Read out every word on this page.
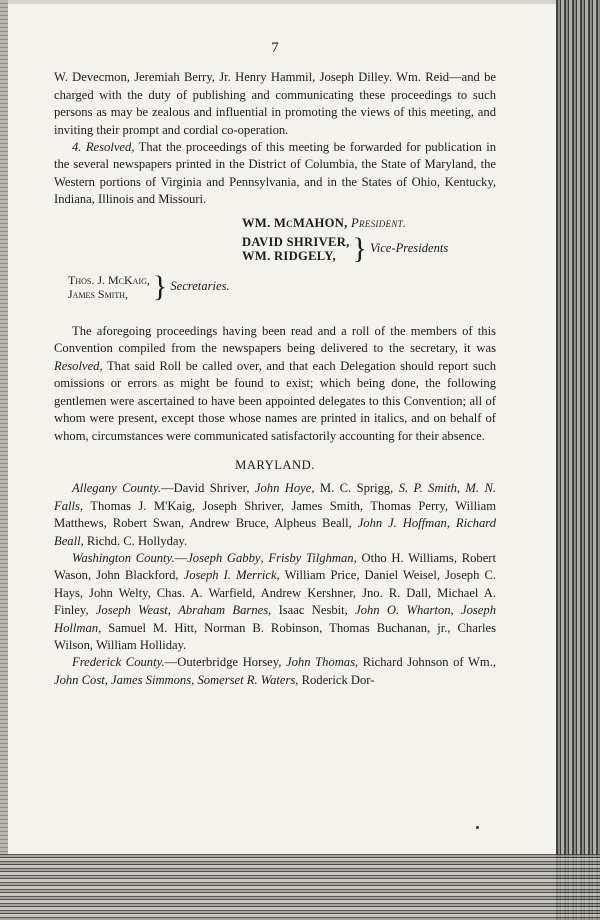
7

W. Devecmon, Jeremiah Berry, Jr. Henry Hammil, Joseph Dilley. Wm. Reid—and be charged with the duty of publishing and communicating these proceedings to such persons as may be zealous and influential in promoting the views of this meeting, and inviting their prompt and cordial co-operation.

4. Resolved, That the proceedings of this meeting be forwarded for publication in the several newspapers printed in the District of Columbia, the State of Maryland, the Western portions of Virginia and Pennsylvania, and in the States of Ohio, Kentucky, Indiana, Illinois and Missouri.

WM. McMAHON, President.
DAVID SHRIVER,
WM. RIDGELY, } Vice-Presidents
Thos. J. McKaig,
James Smith, } Secretaries.

The aforegoing proceedings having been read and a roll of the members of this Convention compiled from the newspapers being delivered to the secretary, it was Resolved, That said Roll be called over, and that each Delegation should report such omissions or errors as might be found to exist; which being done, the following gentlemen were ascertained to have been appointed delegates to this Convention; all of whom were present, except those whose names are printed in italics, and on behalf of whom, circumstances were communicated satisfactorily accounting for their absence.

MARYLAND.

Allegany County.—David Shriver, John Hoye, M. C. Sprigg, S. P. Smith, M. N. Falls, Thomas J. M'Kaig, Joseph Shriver, James Smith, Thomas Perry, William Matthews, Robert Swan, Andrew Bruce, Alpheus Beall, John J. Hoffman, Richard Beall, Richd. C. Hollyday.

Washington County.—Joseph Gabby, Frisby Tilghman, Otho H. Williams, Robert Wason, John Blackford, Joseph I. Merrick, William Price, Daniel Weisel, Joseph C. Hays, John Welty, Chas. A. Warfield, Andrew Kershner, Jno. R. Dall, Michael A. Finley, Joseph Weast, Abraham Barnes, Isaac Nesbit, John O. Wharton, Joseph Hollman, Samuel M. Hitt, Norman B. Robinson, Thomas Buchanan, jr., Charles Wilson, William Holliday.

Frederick County.—Outerbridge Horsey, John Thomas, Richard Johnson of Wm., John Cost, James Simmons, Somerset R. Waters, Roderick Dor-
